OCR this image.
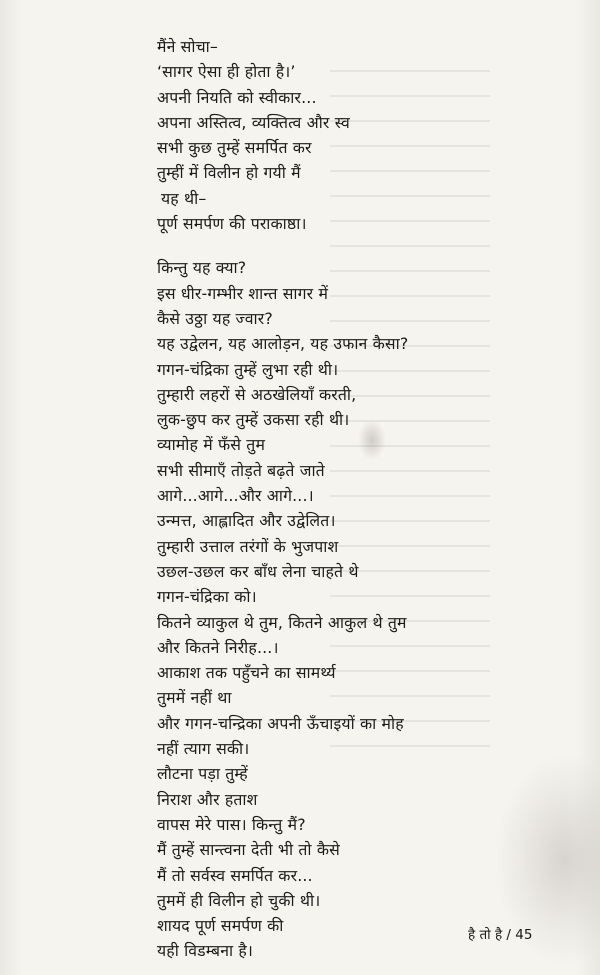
मैंने सोचा–
‘सागर ऐसा ही होता है।’
अपनी नियति को स्वीकार...
अपना अस्तित्व, व्यक्तित्व और स्व
सभी कुछ तुम्हें समर्पित कर
तुम्हीं में विलीन हो गयी मैं
यह थी–
पूर्ण समर्पण की पराकाष्ठा।
किन्तु यह क्या?
इस धीर-गम्भीर शान्त सागर में
कैसे उठ्ठा यह ज्वार?
यह उद्वेलन, यह आलोड़न, यह उफान कैसा?
गगन-चंद्रिका तुम्हें लुभा रही थी।
तुम्हारी लहरों से अठखेलियाँ करती,
लुक-छुप कर तुम्हें उकसा रही थी।
व्यामोह में फँसे तुम
सभी सीमाएँ तोड़ते बढ़ते जाते
आगे...आगे...और आगे...।
उन्मत्त, आह्लादित और उद्वेलित।
तुम्हारी उत्ताल तरंगों के भुजपाश
उछल-उछल कर बाँध लेना चाहते थे
गगन-चंद्रिका को।
कितने व्याकुल थे तुम, कितने आकुल थे तुम
और कितने निरीह...।
आकाश तक पहुँचने का सामर्थ्य
तुममें नहीं था
और गगन-चन्द्रिका अपनी ऊँचाइयों का मोह
नहीं त्याग सकी।
लौटना पड़ा तुम्हें
निराश और हताश
वापस मेरे पास। किन्तु मैं?
मैं तुम्हें सान्त्वना देती भी तो कैसे
मैं तो सर्वस्व समर्पित कर...
तुममें ही विलीन हो चुकी थी।
शायद पूर्ण समर्पण की
यही विडम्बना है।
है तो है / 45
